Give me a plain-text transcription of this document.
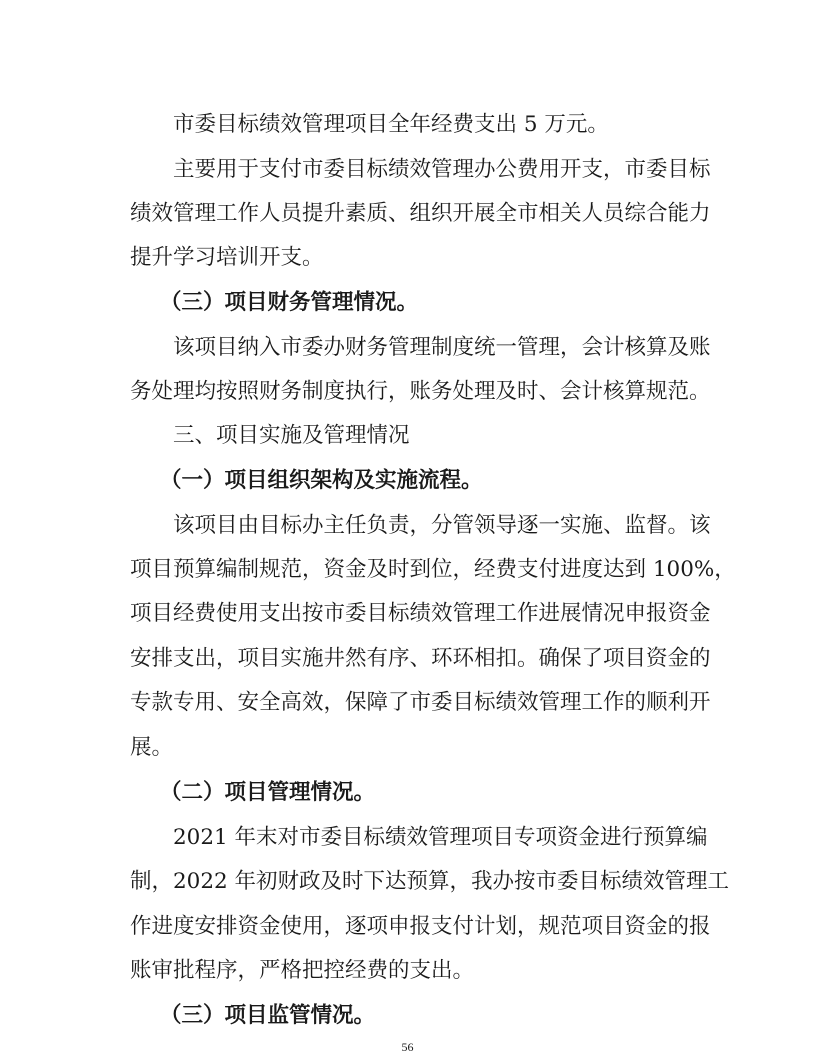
市委目标绩效管理项目全年经费支出 5 万元。
主要用于支付市委目标绩效管理办公费用开支，市委目标
绩效管理工作人员提升素质、组织开展全市相关人员综合能力
提升学习培训开支。
（三）项目财务管理情况。
该项目纳入市委办财务管理制度统一管理，会计核算及账
务处理均按照财务制度执行，账务处理及时、会计核算规范。
三、项目实施及管理情况
（一）项目组织架构及实施流程。
该项目由目标办主任负责，分管领导逐一实施、监督。该
项目预算编制规范，资金及时到位，经费支付进度达到 100%，
项目经费使用支出按市委目标绩效管理工作进展情况申报资金
安排支出，项目实施井然有序、环环相扣。确保了项目资金的
专款专用、安全高效，保障了市委目标绩效管理工作的顺利开
展。
（二）项目管理情况。
2021 年末对市委目标绩效管理项目专项资金进行预算编
制，2022 年初财政及时下达预算，我办按市委目标绩效管理工
作进度安排资金使用，逐项申报支付计划，规范项目资金的报
账审批程序，严格把控经费的支出。
（三）项目监管情况。
56
